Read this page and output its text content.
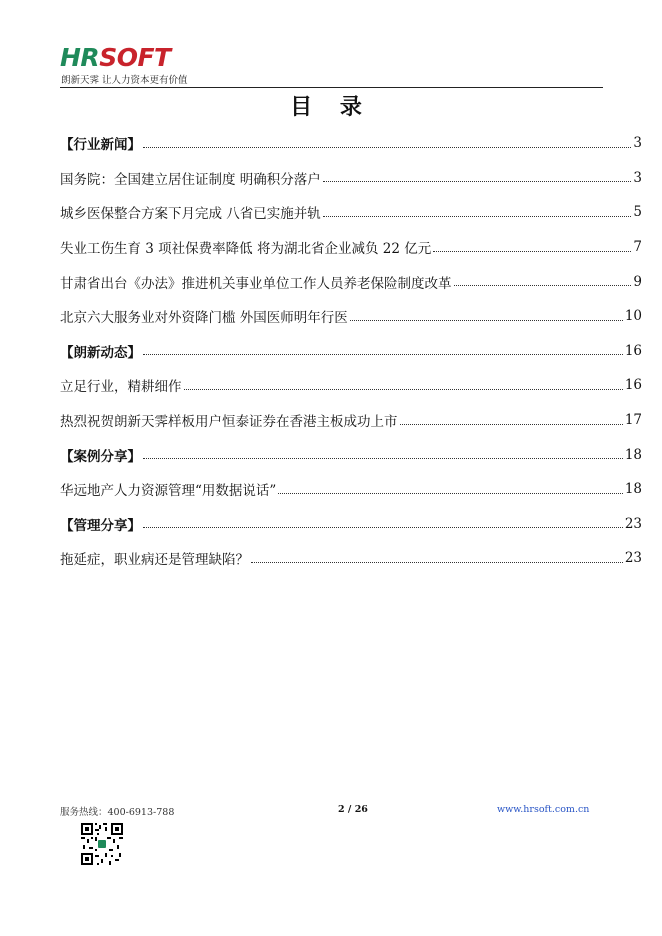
HRSOFT
朗新天霁 让人力资本更有价值
目 录
【行业新闻】	3
国务院：全国建立居住证制度 明确积分落户	3
城乡医保整合方案下月完成 八省已实施并轨	5
失业工伤生育 3 项社保费率降低 将为湖北省企业减负 22 亿元	7
甘肃省出台《办法》推进机关事业单位工作人员养老保险制度改革	9
北京六大服务业对外资降门槛 外国医师明年行医	10
【朗新动态】	16
立足行业，精耕细作	16
热烈祝贺朗新天霁样板用户恒泰证券在香港主板成功上市	17
【案例分享】	18
华远地产人力资源管理“用数据说话”	18
【管理分享】	23
拖延症，职业病还是管理缺陷？	23
服务热线：400-6913-788	2 / 26	www.hrsoft.com.cn
